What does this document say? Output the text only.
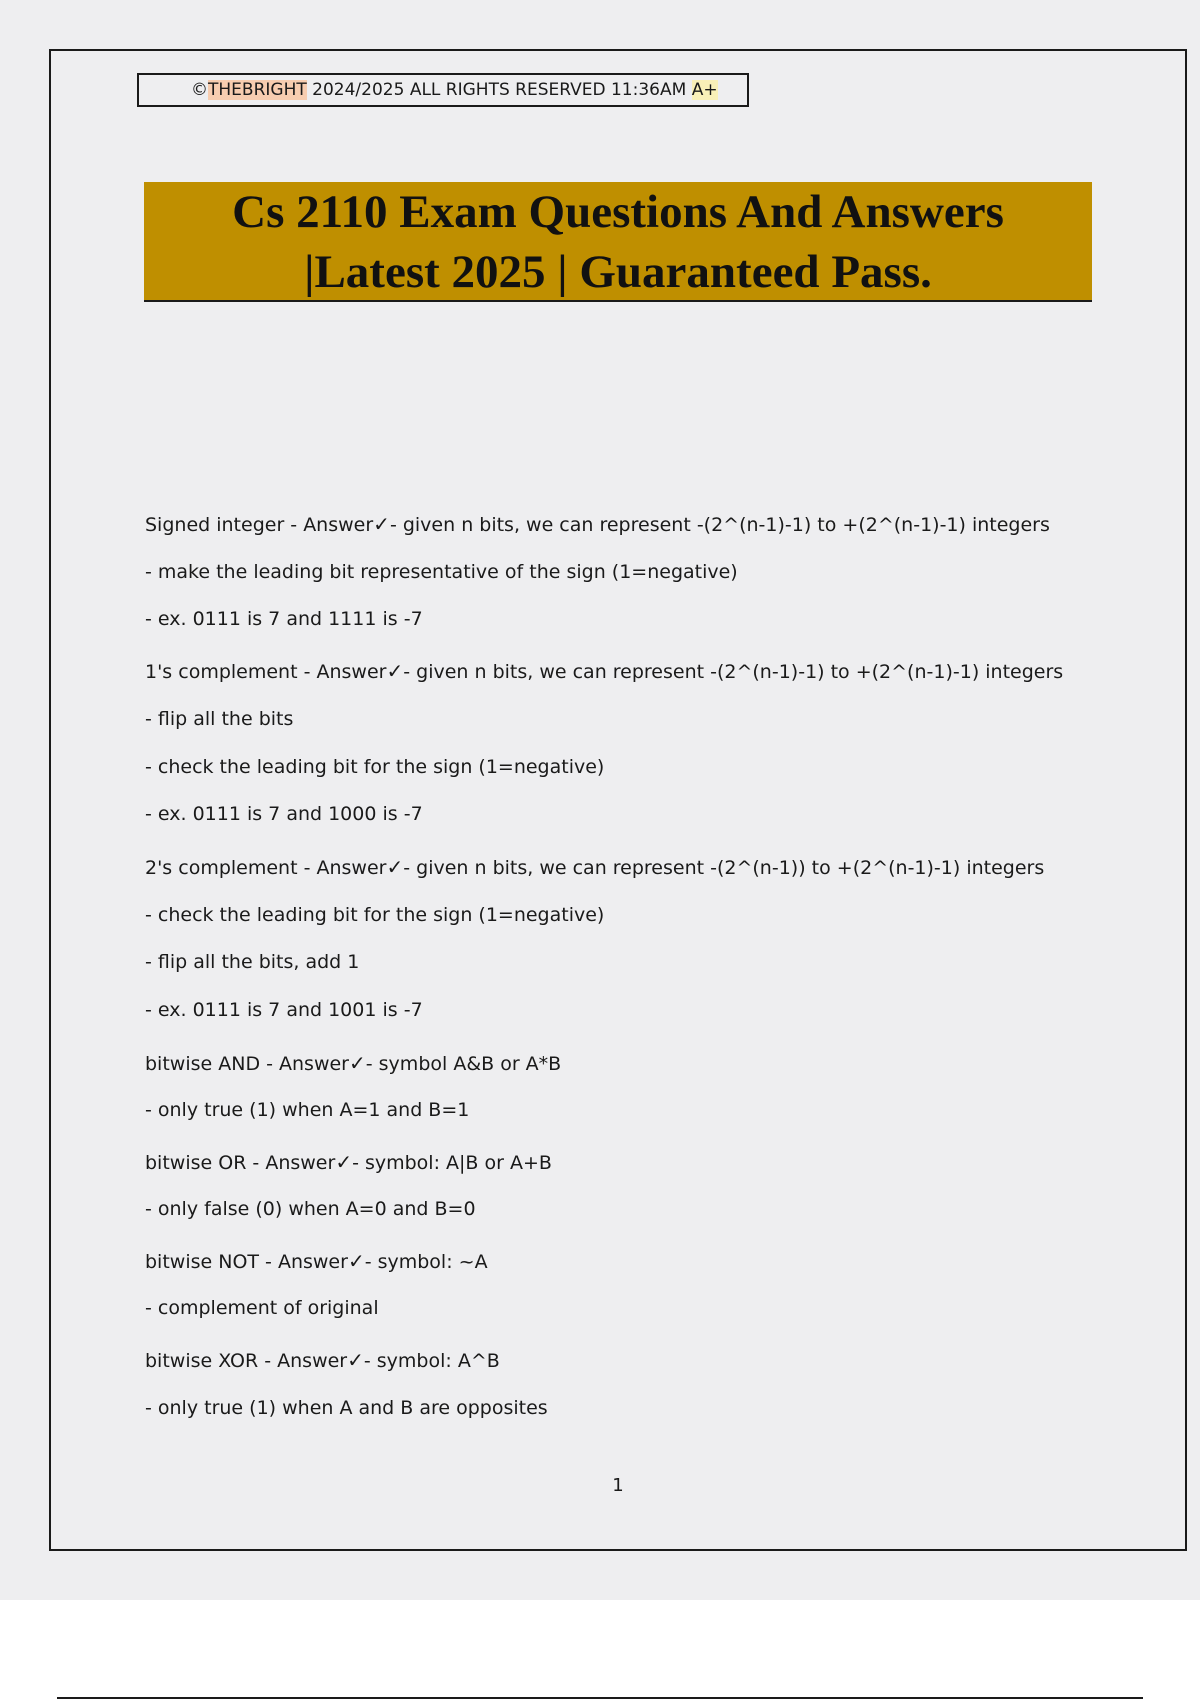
©THEBRIGHT 2024/2025 ALL RIGHTS RESERVED 11:36AM A+
Cs 2110 Exam Questions And Answers
|Latest 2025 | Guaranteed Pass.
Signed integer - Answer✓- given n bits, we can represent -(2^(n-1)-1) to +(2^(n-1)-1) integers
- make the leading bit representative of the sign (1=negative)
- ex. 0111 is 7 and 1111 is -7
1's complement - Answer✓- given n bits, we can represent -(2^(n-1)-1) to +(2^(n-1)-1) integers
- flip all the bits
- check the leading bit for the sign (1=negative)
- ex. 0111 is 7 and 1000 is -7
2's complement - Answer✓- given n bits, we can represent -(2^(n-1)) to +(2^(n-1)-1) integers
- check the leading bit for the sign (1=negative)
- flip all the bits, add 1
- ex. 0111 is 7 and 1001 is -7
bitwise AND - Answer✓- symbol A&B or A*B
- only true (1) when A=1 and B=1
bitwise OR - Answer✓- symbol: A|B or A+B
- only false (0) when A=0 and B=0
bitwise NOT - Answer✓- symbol: ~A
- complement of original
bitwise XOR - Answer✓- symbol: A^B
- only true (1) when A and B are opposites
1
